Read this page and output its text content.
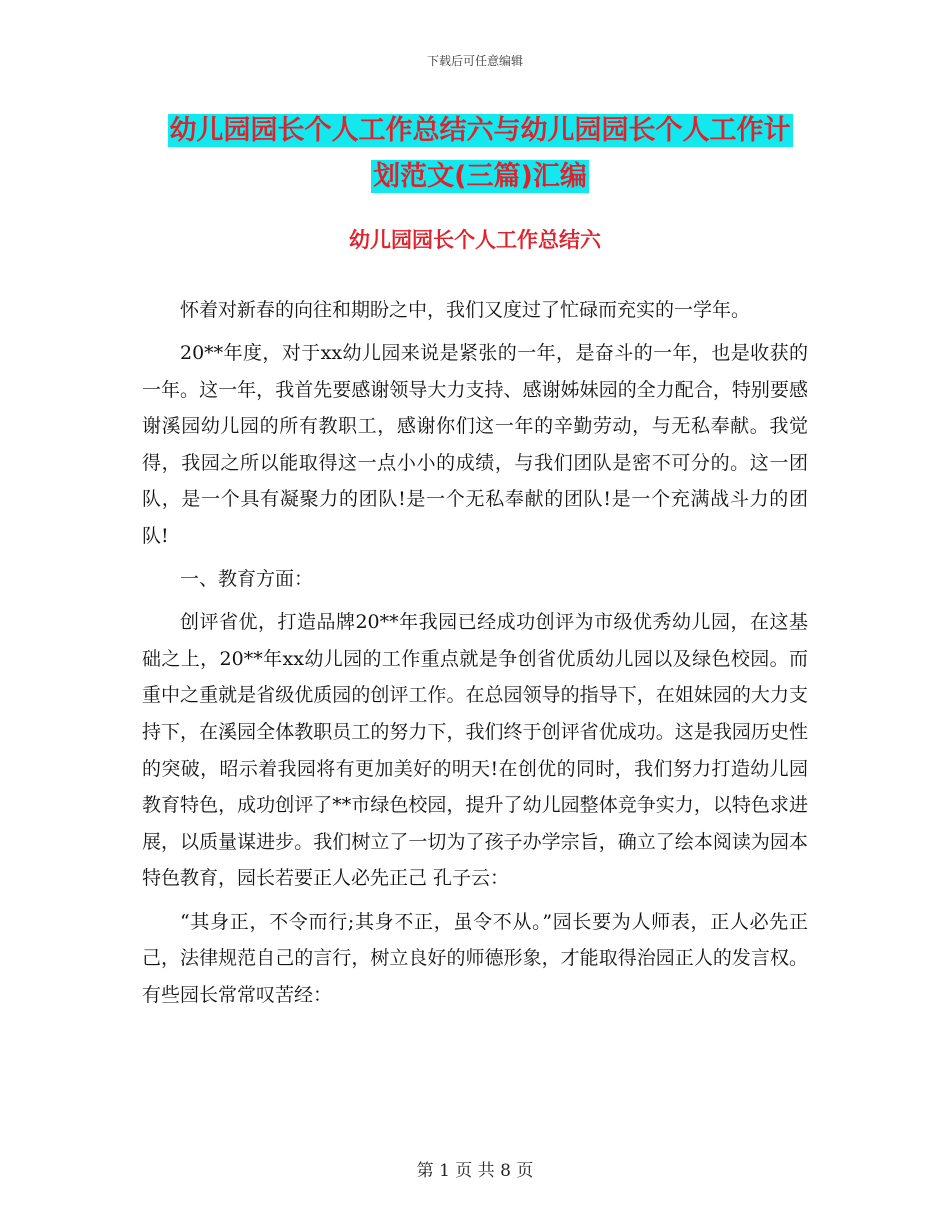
下载后可任意编辑
幼儿园园长个人工作总结六与幼儿园园长个人工作计
划范文(三篇)汇编
幼儿园园长个人工作总结六

怀着对新春的向往和期盼之中，我们又度过了忙碌而充实的一学年。

20**年度，对于xx幼儿园来说是紧张的一年，是奋斗的一年，也是收获的一年。这一年，我首先要感谢领导大力支持、感谢姊妹园的全力配合，特别要感谢溪园幼儿园的所有教职工，感谢你们这一年的辛勤劳动，与无私奉献。我觉得，我园之所以能取得这一点小小的成绩，与我们团队是密不可分的。这一团队，是一个具有凝聚力的团队!是一个无私奉献的团队!是一个充满战斗力的团队!

一、教育方面：

创评省优，打造品牌20**年我园已经成功创评为市级优秀幼儿园，在这基础之上，20**年xx幼儿园的工作重点就是争创省优质幼儿园以及绿色校园。而重中之重就是省级优质园的创评工作。在总园领导的指导下，在姐妹园的大力支持下，在溪园全体教职员工的努力下，我们终于创评省优成功。这是我园历史性的突破，昭示着我园将有更加美好的明天!在创优的同时，我们努力打造幼儿园教育特色，成功创评了**市绿色校园，提升了幼儿园整体竞争实力，以特色求进展，以质量谋进步。我们树立了一切为了孩子办学宗旨，确立了绘本阅读为园本特色教育，园长若要正人必先正己 孔子云：

“其身正，不令而行;其身不正，虽令不从。”园长要为人师表，正人必先正己，法律规范自己的言行，树立良好的师德形象，才能取得治园正人的发言权。有些园长常常叹苦经：

第 1 页 共 8 页
